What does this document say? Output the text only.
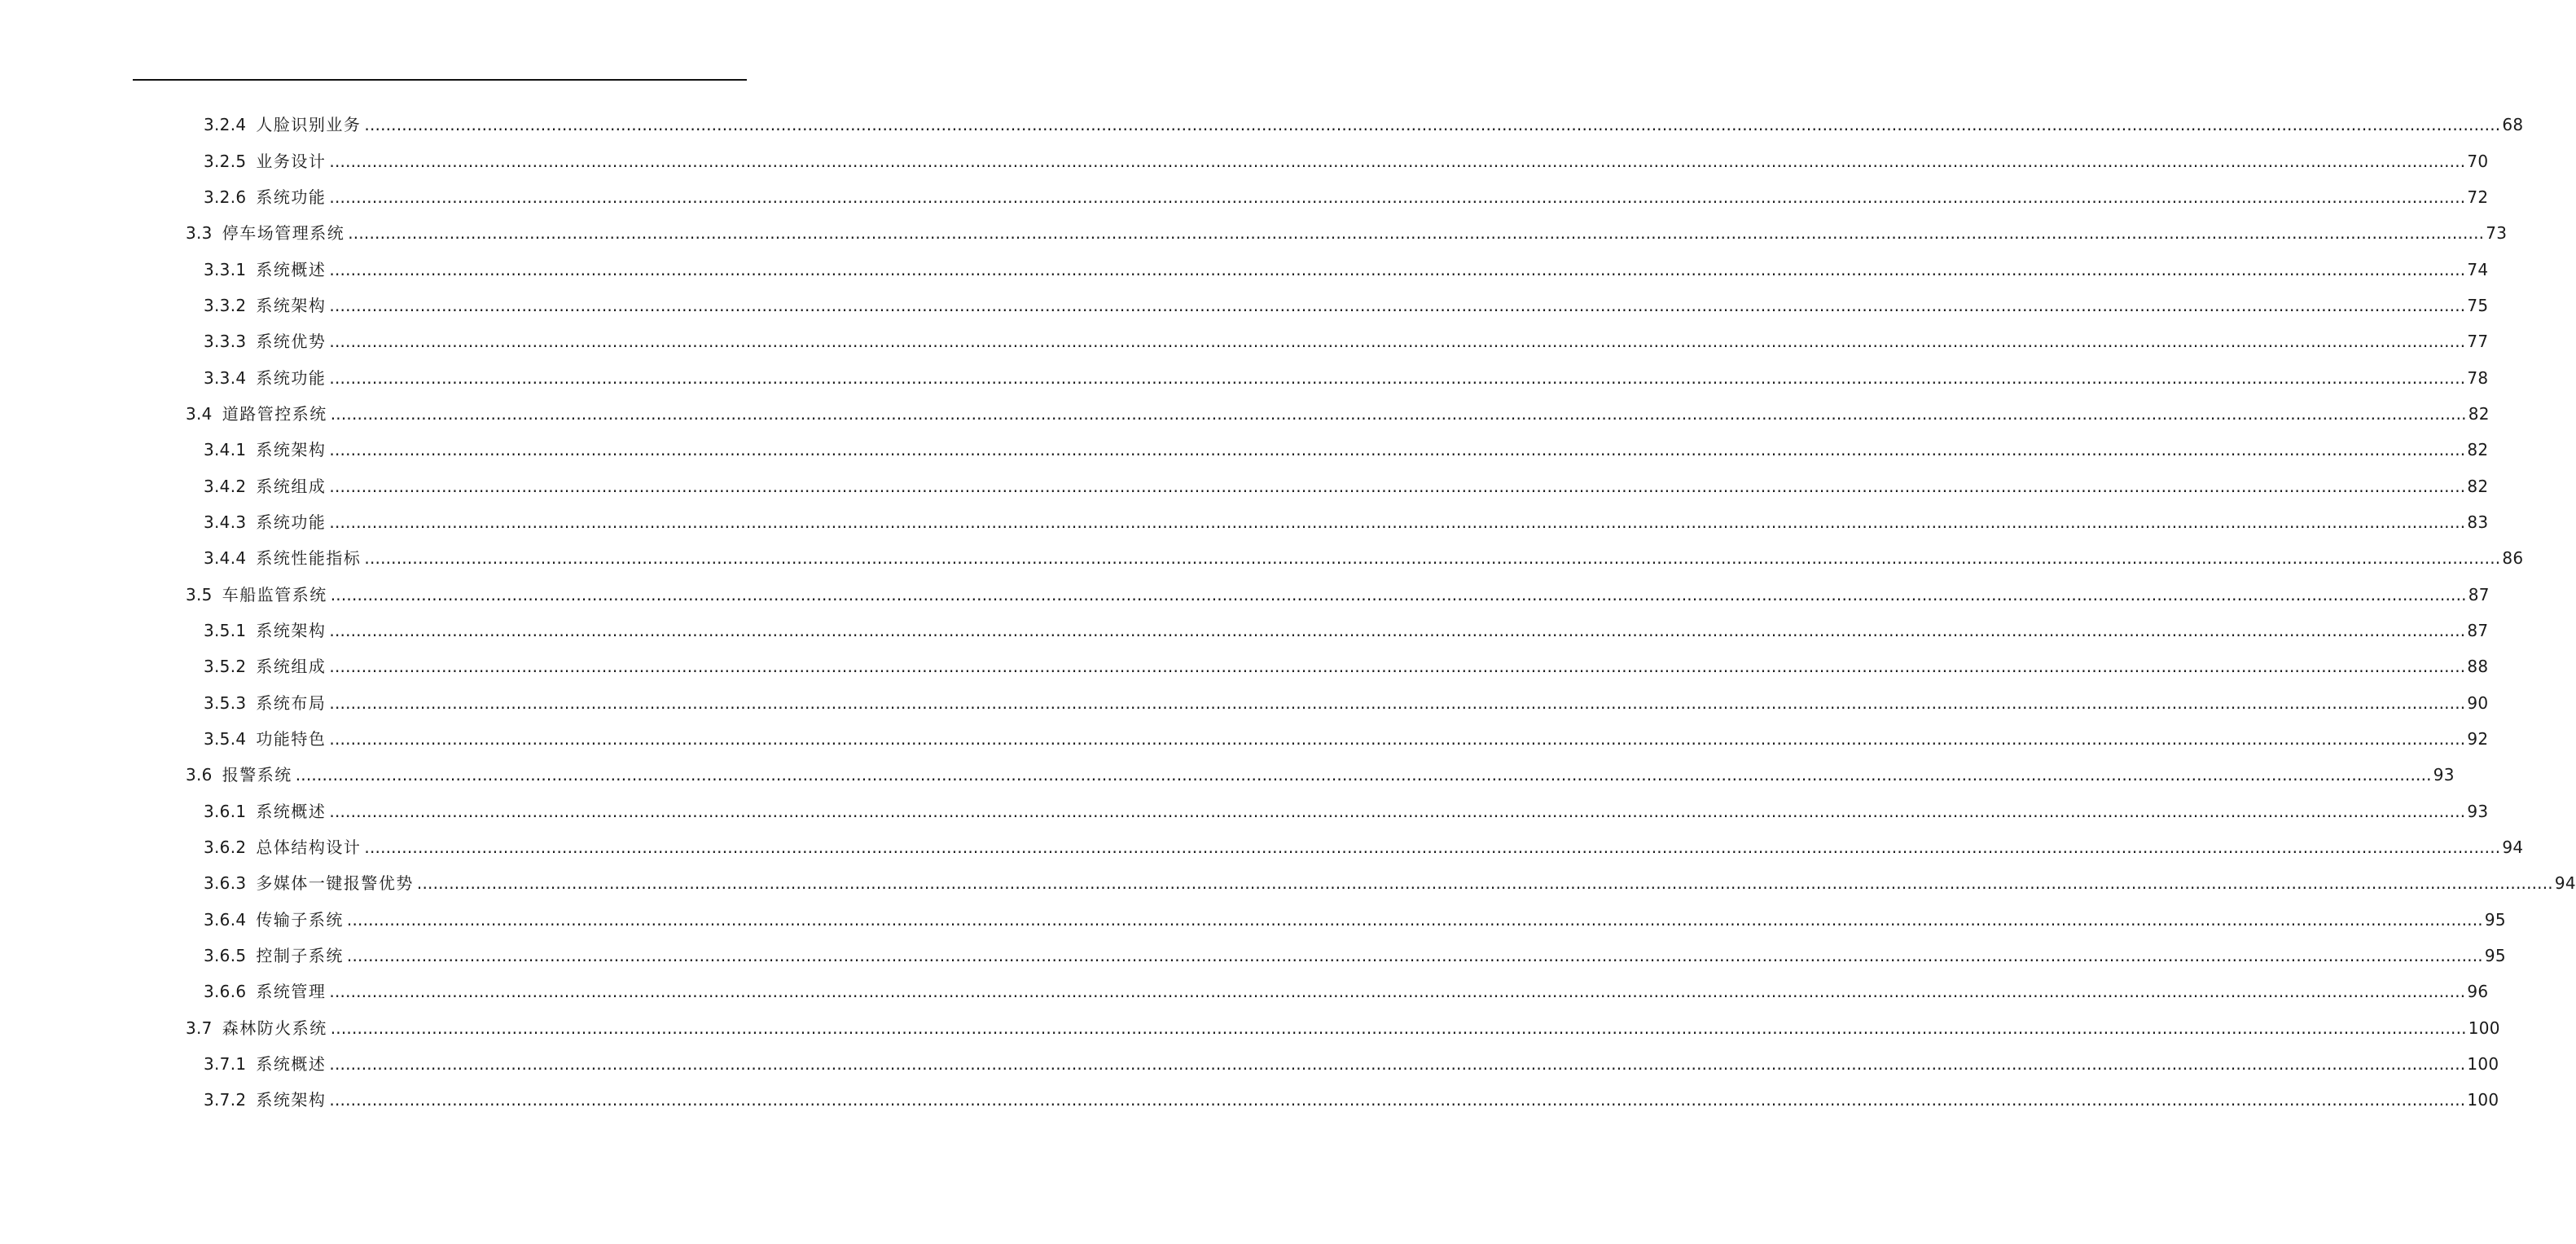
3.2.4 人脸识别业务 ................................................................................................................................................................................................................................................................................................................................................................................................................ 68
3.2.5 业务设计 ................................................................................................................................................................................................................................................................................................................................................................................................................ 70
3.2.6 系统功能 ................................................................................................................................................................................................................................................................................................................................................................................................................ 72
3.3 停车场管理系统 ................................................................................................................................................................................................................................................................................................................................................................................................................ 73
3.3.1 系统概述 ................................................................................................................................................................................................................................................................................................................................................................................................................ 74
3.3.2 系统架构 ................................................................................................................................................................................................................................................................................................................................................................................................................ 75
3.3.3 系统优势 ................................................................................................................................................................................................................................................................................................................................................................................................................ 77
3.3.4 系统功能 ................................................................................................................................................................................................................................................................................................................................................................................................................ 78
3.4 道路管控系统 ................................................................................................................................................................................................................................................................................................................................................................................................................ 82
3.4.1 系统架构 ................................................................................................................................................................................................................................................................................................................................................................................................................ 82
3.4.2 系统组成 ................................................................................................................................................................................................................................................................................................................................................................................................................ 82
3.4.3 系统功能 ................................................................................................................................................................................................................................................................................................................................................................................................................ 83
3.4.4 系统性能指标 ................................................................................................................................................................................................................................................................................................................................................................................................................ 86
3.5 车船监管系统 ................................................................................................................................................................................................................................................................................................................................................................................................................ 87
3.5.1 系统架构 ................................................................................................................................................................................................................................................................................................................................................................................................................ 87
3.5.2 系统组成 ................................................................................................................................................................................................................................................................................................................................................................................................................ 88
3.5.3 系统布局 ................................................................................................................................................................................................................................................................................................................................................................................................................ 90
3.5.4 功能特色 ................................................................................................................................................................................................................................................................................................................................................................................................................ 92
3.6 报警系统 ................................................................................................................................................................................................................................................................................................................................................................................................................ 93
3.6.1 系统概述 ................................................................................................................................................................................................................................................................................................................................................................................................................ 93
3.6.2 总体结构设计 ................................................................................................................................................................................................................................................................................................................................................................................................................ 94
3.6.3 多媒体一键报警优势 ................................................................................................................................................................................................................................................................................................................................................................................................................ 94
3.6.4 传输子系统 ................................................................................................................................................................................................................................................................................................................................................................................................................ 95
3.6.5 控制子系统 ................................................................................................................................................................................................................................................................................................................................................................................................................ 95
3.6.6 系统管理 ................................................................................................................................................................................................................................................................................................................................................................................................................ 96
3.7 森林防火系统 ................................................................................................................................................................................................................................................................................................................................................................................................................ 100
3.7.1 系统概述 ................................................................................................................................................................................................................................................................................................................................................................................................................ 100
3.7.2 系统架构 ................................................................................................................................................................................................................................................................................................................................................................................................................ 100
